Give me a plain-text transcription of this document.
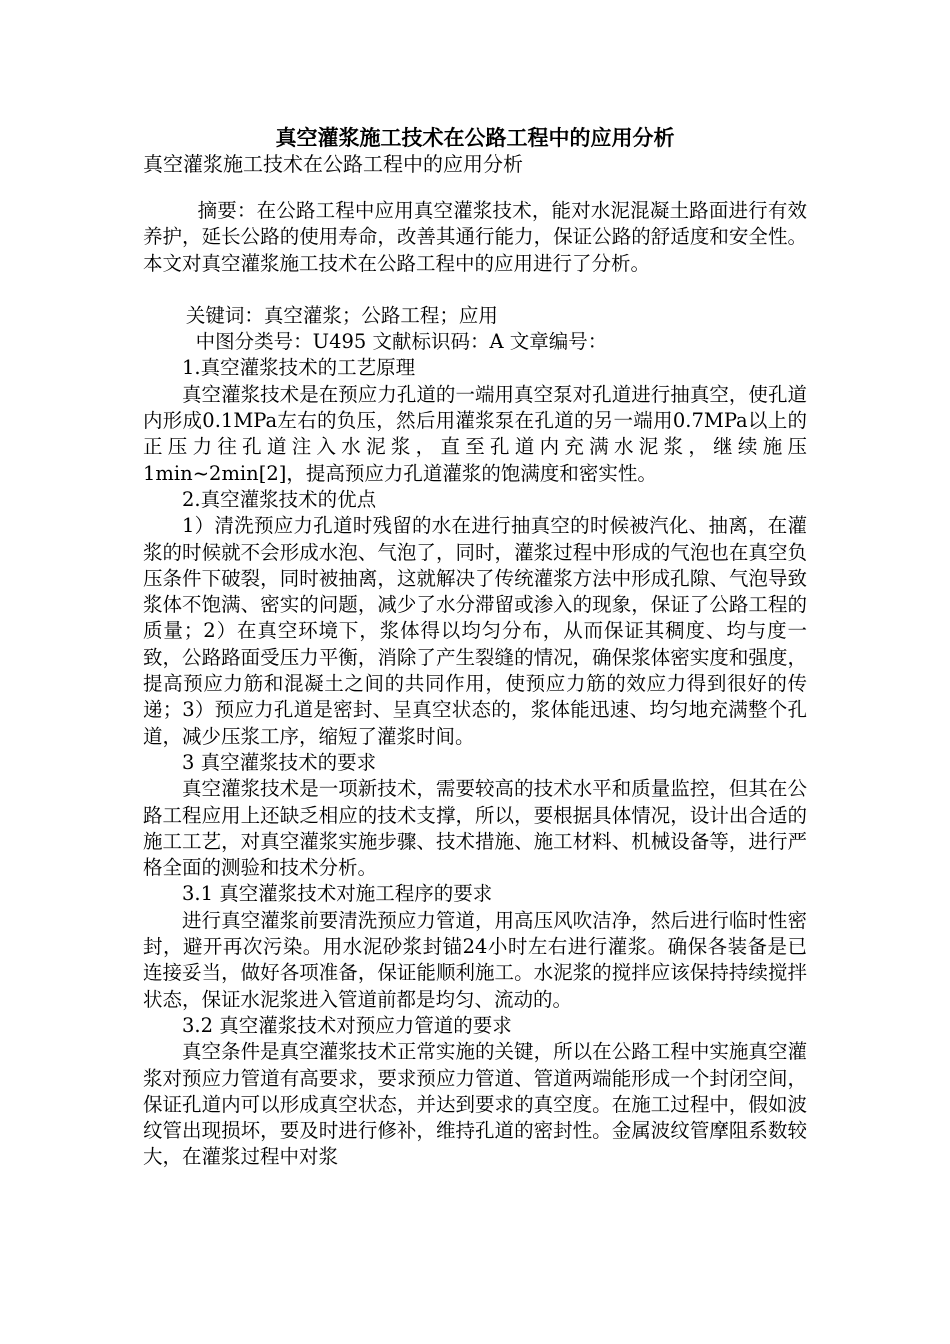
真空灌浆施工技术在公路工程中的应用分析
真空灌浆施工技术在公路工程中的应用分析

摘要：在公路工程中应用真空灌浆技术，能对水泥混凝土路面进行有效养护，延长公路的使用寿命，改善其通行能力，保证公路的舒适度和安全性。本文对真空灌浆施工技术在公路工程中的应用进行了分析。

关键词：真空灌浆；公路工程；应用

中图分类号：U495 文献标识码：A 文章编号：

1.真空灌浆技术的工艺原理

真空灌浆技术是在预应力孔道的一端用真空泵对孔道进行抽真空，使孔道内形成0.1MPa左右的负压，然后用灌浆泵在孔道的另一端用0.7MPa以上的正压力往孔道注入水泥浆，直至孔道内充满水泥浆，继续施压1min~2min[2]，提高预应力孔道灌浆的饱满度和密实性。

2.真空灌浆技术的优点

1）清洗预应力孔道时残留的水在进行抽真空的时候被汽化、抽离，在灌浆的时候就不会形成水泡、气泡了，同时，灌浆过程中形成的气泡也在真空负压条件下破裂，同时被抽离，这就解决了传统灌浆方法中形成孔隙、气泡导致浆体不饱满、密实的问题，减少了水分滞留或渗入的现象，保证了公路工程的质量；2）在真空环境下，浆体得以均匀分布，从而保证其稠度、均与度一致，公路路面受压力平衡，消除了产生裂缝的情况，确保浆体密实度和强度，提高预应力筋和混凝土之间的共同作用，使预应力筋的效应力得到很好的传递；3）预应力孔道是密封、呈真空状态的，浆体能迅速、均匀地充满整个孔道，减少压浆工序，缩短了灌浆时间。

3 真空灌浆技术的要求

真空灌浆技术是一项新技术，需要较高的技术水平和质量监控，但其在公路工程应用上还缺乏相应的技术支撑，所以，要根据具体情况，设计出合适的施工工艺，对真空灌浆实施步骤、技术措施、施工材料、机械设备等，进行严格全面的测验和技术分析。

3.1 真空灌浆技术对施工程序的要求

进行真空灌浆前要清洗预应力管道，用高压风吹洁净，然后进行临时性密封，避开再次污染。用水泥砂浆封锚24小时左右进行灌浆。确保各装备是已连接妥当，做好各项准备，保证能顺利施工。水泥浆的搅拌应该保持持续搅拌状态，保证水泥浆进入管道前都是均匀、流动的。

3.2 真空灌浆技术对预应力管道的要求

真空条件是真空灌浆技术正常实施的关键，所以在公路工程中实施真空灌浆对预应力管道有高要求，要求预应力管道、管道两端能形成一个封闭空间，保证孔道内可以形成真空状态，并达到要求的真空度。在施工过程中，假如波纹管出现损坏，要及时进行修补，维持孔道的密封性。金属波纹管摩阻系数较大，在灌浆过程中对浆
